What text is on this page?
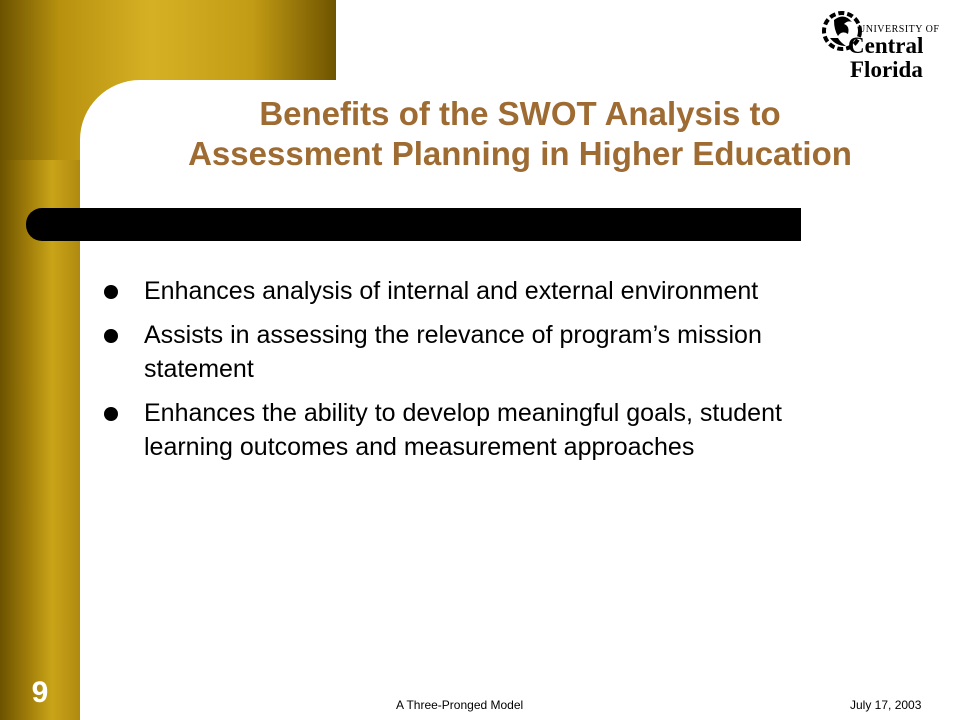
UNIVERSITY OF
Central
Florida
Benefits of the SWOT Analysis to
Assessment Planning in Higher Education
Enhances analysis of internal and external environment
Assists in assessing the relevance of program’s mission statement
Enhances the ability to develop meaningful goals, student learning outcomes and measurement approaches
9	A Three-Pronged Model	July 17, 2003
